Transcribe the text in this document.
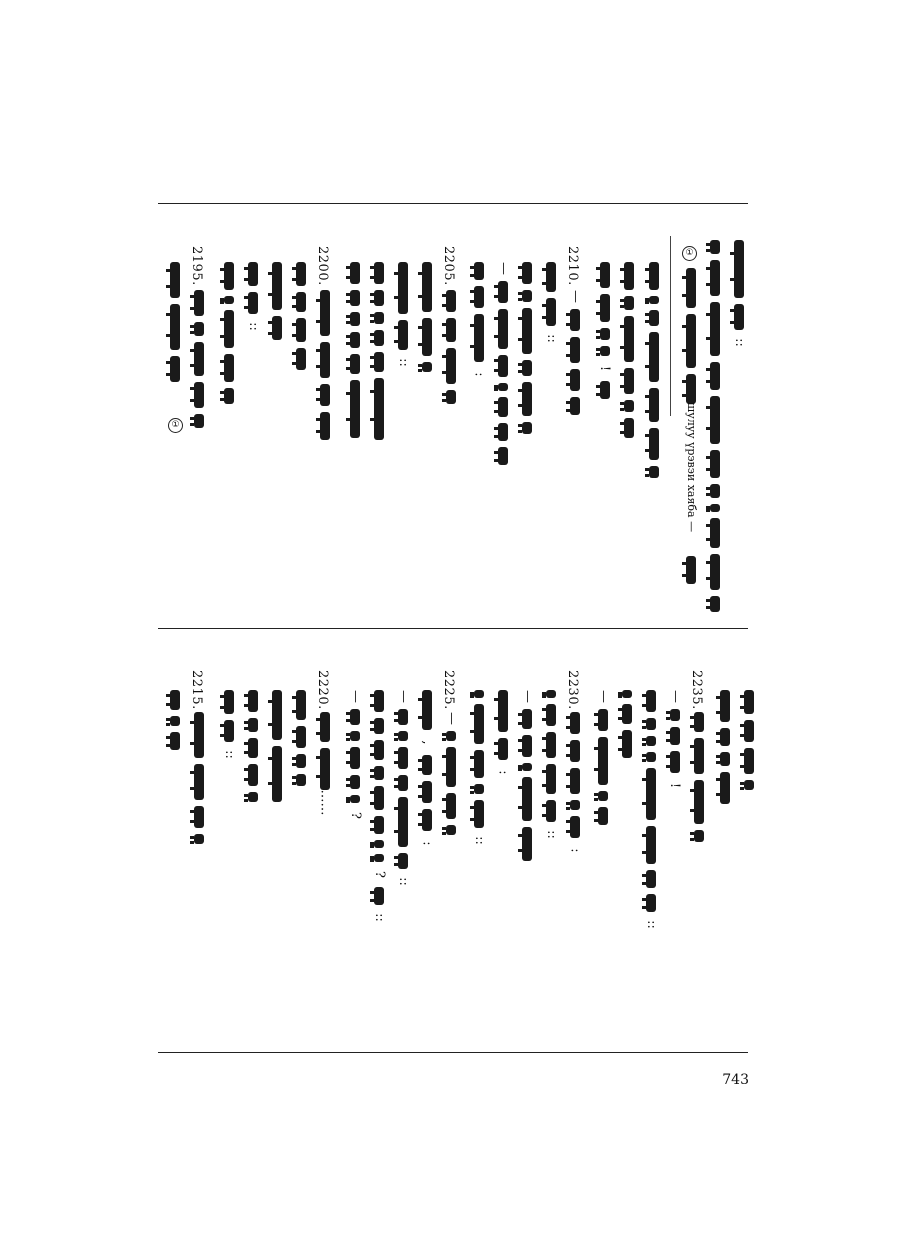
::
①
шулуу үрэвэи хаяба —
!
2210.
—
::
—
:
2205.
::
2200.
::
2195.
①
2235.
—
!
::
—
2230.
:
::
—
:
::
2225.
—
,
:
—
::
?
::
—
?
2220.
……
::
2215.
743
